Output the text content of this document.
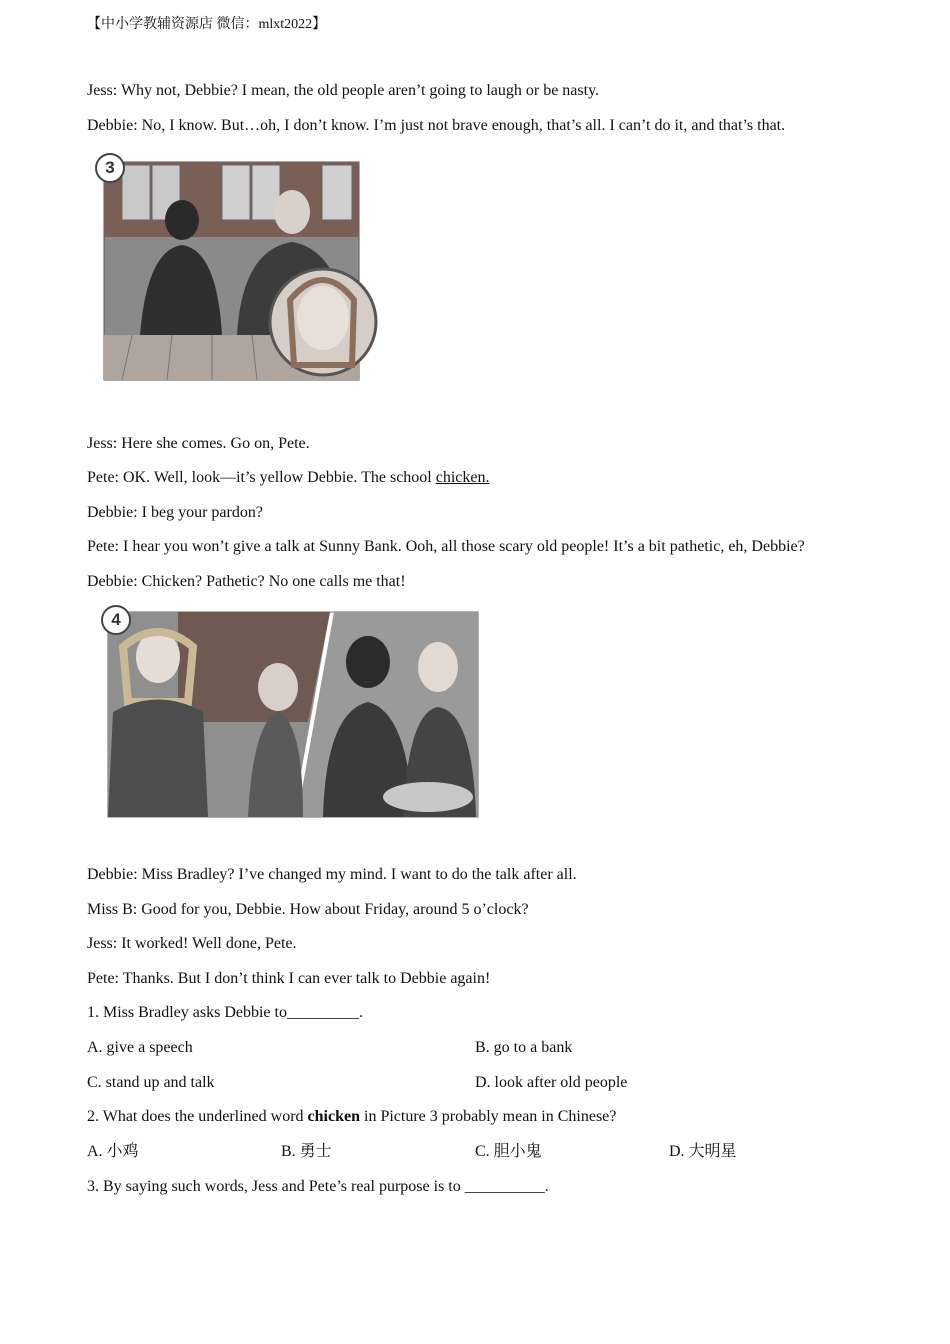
【中小学教辅资源店 微信：mlxt2022】
Jess: Why not, Debbie? I mean, the old people aren’t going to laugh or be nasty.
Debbie: No, I know. But…oh, I don’t know. I’m just not brave enough, that’s all. I can’t do it, and that’s that.
3
Jess: Here she comes. Go on, Pete.
Pete: OK. Well, look—it’s yellow Debbie. The school chicken.
Debbie: I beg your pardon?
Pete: I hear you won’t give a talk at Sunny Bank. Ooh, all those scary old people! It’s a bit pathetic, eh, Debbie?
Debbie: Chicken? Pathetic? No one calls me that!
4
Debbie: Miss Bradley? I’ve changed my mind. I want to do the talk after all.
Miss B: Good for you, Debbie. How about Friday, around 5 o’clock?
Jess: It worked! Well done, Pete.
Pete: Thanks. But I don’t think I can ever talk to Debbie again!
1. Miss Bradley asks Debbie to_________.
A. give a speech	B. go to a bank
C. stand up and talk	D. look after old people
2. What does the underlined word chicken in Picture 3 probably mean in Chinese?
A. 小鸡	B. 勇士	C. 胆小鬼	D. 大明星
3. By saying such words, Jess and Pete’s real purpose is to __________.
